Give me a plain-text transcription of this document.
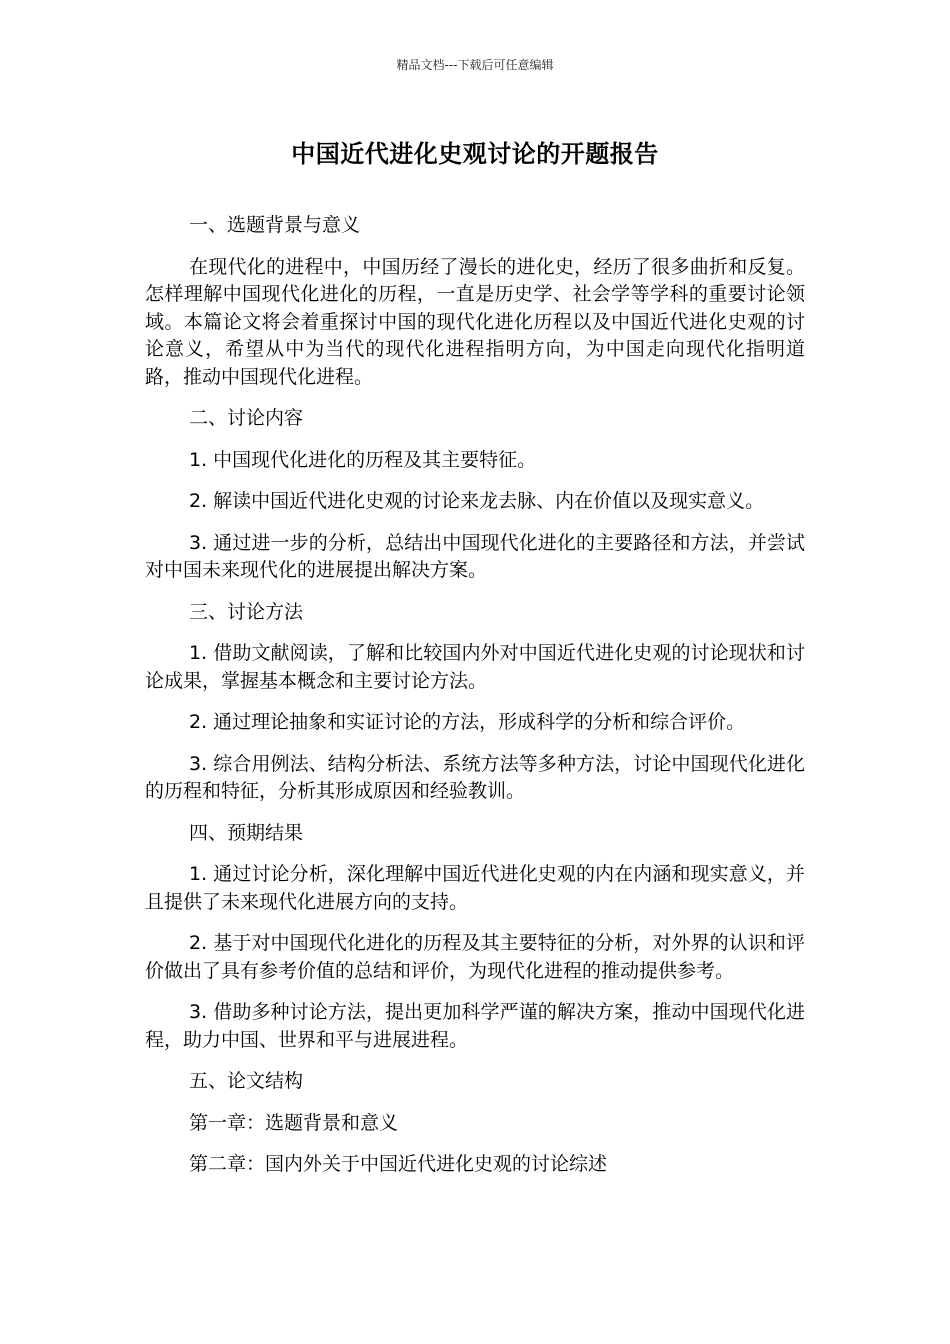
精品文档---下载后可任意编辑
中国近代进化史观讨论的开题报告

一、选题背景与意义

在现代化的进程中，中国历经了漫长的进化史，经历了很多曲折和反复。怎样理解中国现代化进化的历程，一直是历史学、社会学等学科的重要讨论领域。本篇论文将会着重探讨中国的现代化进化历程以及中国近代进化史观的讨论意义，希望从中为当代的现代化进程指明方向，为中国走向现代化指明道路，推动中国现代化进程。

二、讨论内容

1. 中国现代化进化的历程及其主要特征。

2. 解读中国近代进化史观的讨论来龙去脉、内在价值以及现实意义。

3. 通过进一步的分析，总结出中国现代化进化的主要路径和方法，并尝试对中国未来现代化的进展提出解决方案。

三、讨论方法

1. 借助文献阅读，了解和比较国内外对中国近代进化史观的讨论现状和讨论成果，掌握基本概念和主要讨论方法。

2. 通过理论抽象和实证讨论的方法，形成科学的分析和综合评价。

3. 综合用例法、结构分析法、系统方法等多种方法，讨论中国现代化进化的历程和特征，分析其形成原因和经验教训。

四、预期结果

1. 通过讨论分析，深化理解中国近代进化史观的内在内涵和现实意义，并且提供了未来现代化进展方向的支持。

2. 基于对中国现代化进化的历程及其主要特征的分析，对外界的认识和评价做出了具有参考价值的总结和评价，为现代化进程的推动提供参考。

3. 借助多种讨论方法，提出更加科学严谨的解决方案，推动中国现代化进程，助力中国、世界和平与进展进程。

五、论文结构

第一章：选题背景和意义

第二章：国内外关于中国近代进化史观的讨论综述
